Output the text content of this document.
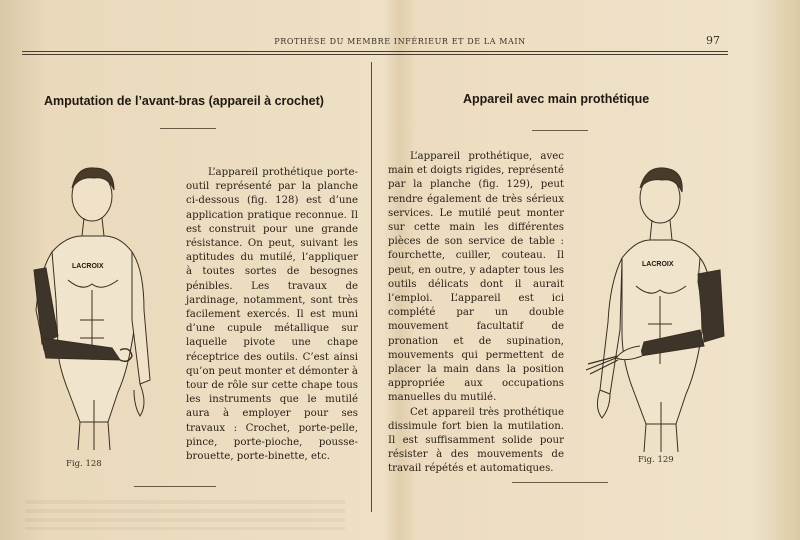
PROTHÈSE DU MEMBRE INFÉRIEUR ET DE LA MAIN	97
Amputation de l’avant-bras (appareil à crochet)

L’appareil prothétique porte-outil représenté par la planche ci-dessous (fig. 128) est d’une application pratique reconnue. Il est construit pour une grande résistance. On peut, suivant les aptitudes du mutilé, l’appliquer à toutes sortes de besognes pénibles. Les travaux de jardinage, notamment, sont très facilement exercés. Il est muni d’une cupule métallique sur laquelle pivote une chape réceptrice des outils. C’est ainsi qu’on peut monter et démonter à tour de rôle sur cette chape tous les instruments que le mutilé aura à employer pour ses travaux : Crochet, porte-pelle, pince, porte-pioche, pousse-brouette, porte-binette, etc.

LACROIX
Fig. 128
Appareil avec main prothétique

L’appareil prothétique, avec main et doigts rigides, représenté par la planche (fig. 129), peut rendre également de très sérieux services. Le mutilé peut monter sur cette main les différentes pièces de son service de table : fourchette, cuiller, couteau. Il peut, en outre, y adapter tous les outils délicats dont il aurait l’emploi. L’appareil est ici complété par un double mouvement facultatif de pronation et de supination, mouvements qui permettent de placer la main dans la position appropriée aux occupations manuelles du mutilé.

Cet appareil très prothétique dissimule fort bien la mutilation. Il est suffisamment solide pour résister à des mouvements de travail répétés et automatiques.

LACROIX
Fig. 129
